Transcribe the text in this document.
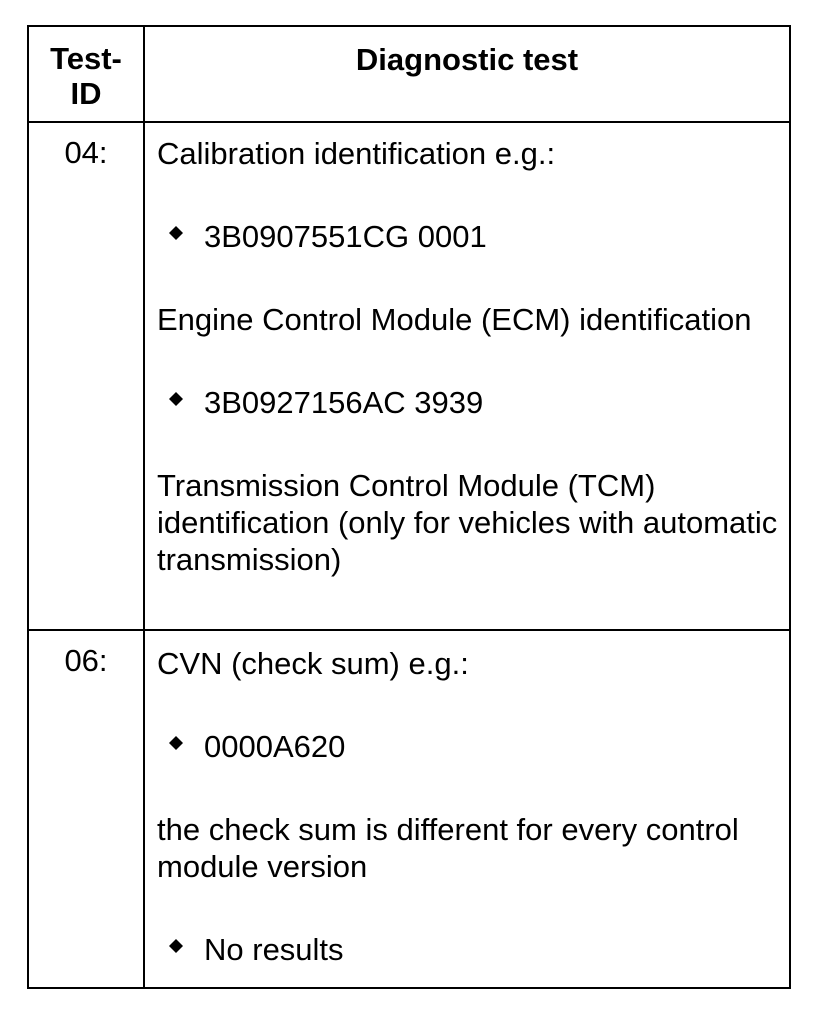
Test-
ID	Diagnostic test
04:	Calibration identification e.g.:

3B0907551CG 0001

Engine Control Module (ECM) identification

3B0927156AC 3939

Transmission Control Module (TCM) identification (only for vehicles with automatic transmission)

06:	CVN (check sum) e.g.:

0000A620

the check sum is different for every control module version

No results
